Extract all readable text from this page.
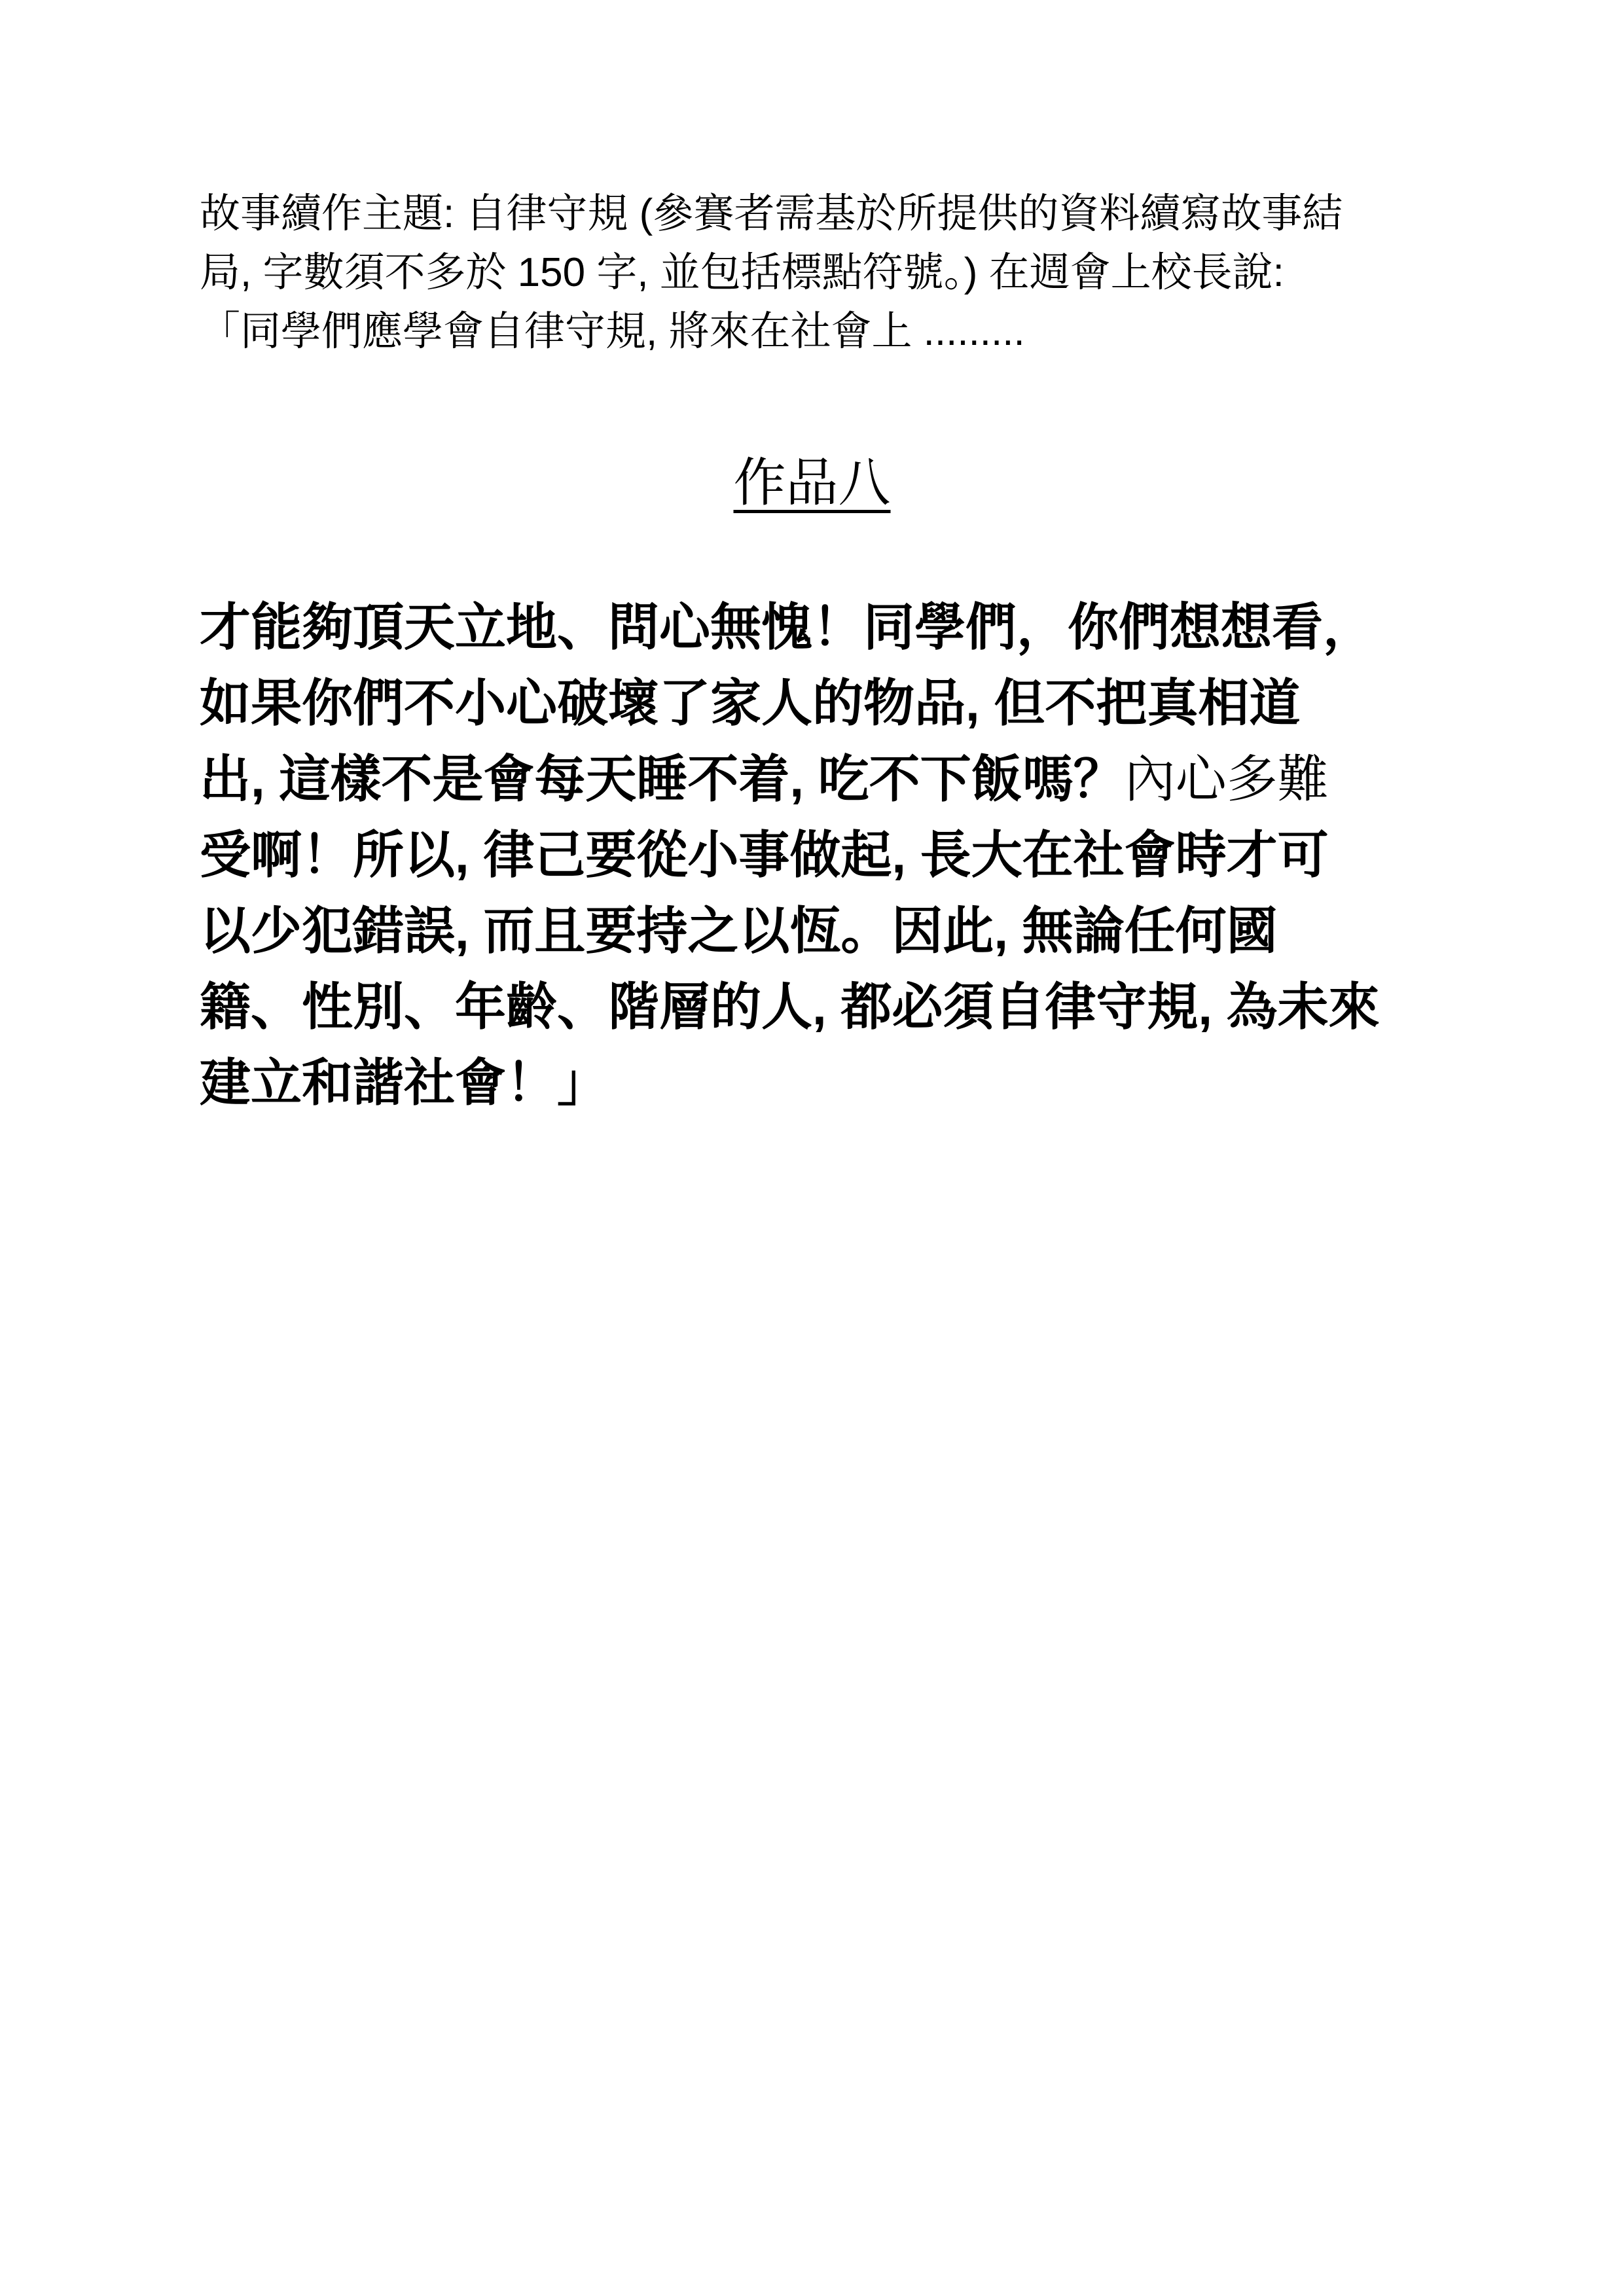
故事續作主題: 自律守規 (參賽者需基於所提供的資料續寫故事結
局, 字數須不多於 150 字, 並包括標點符號。) 在週會上校長說:
「同學們應學會自律守規, 將來在社會上 .........
作品八
才能夠頂天立地、問心無愧！同學們，你們想想看，
如果你們不小心破壞了家人的物品, 但不把真相道
出, 這樣不是會每天睡不着, 吃不下飯嗎？內心多難
受啊！所以, 律己要從小事做起, 長大在社會時才可
以少犯錯誤, 而且要持之以恆。因此, 無論任何國
籍、性別、年齡、階層的人, 都必須自律守規, 為未來
建立和諧社會！」
